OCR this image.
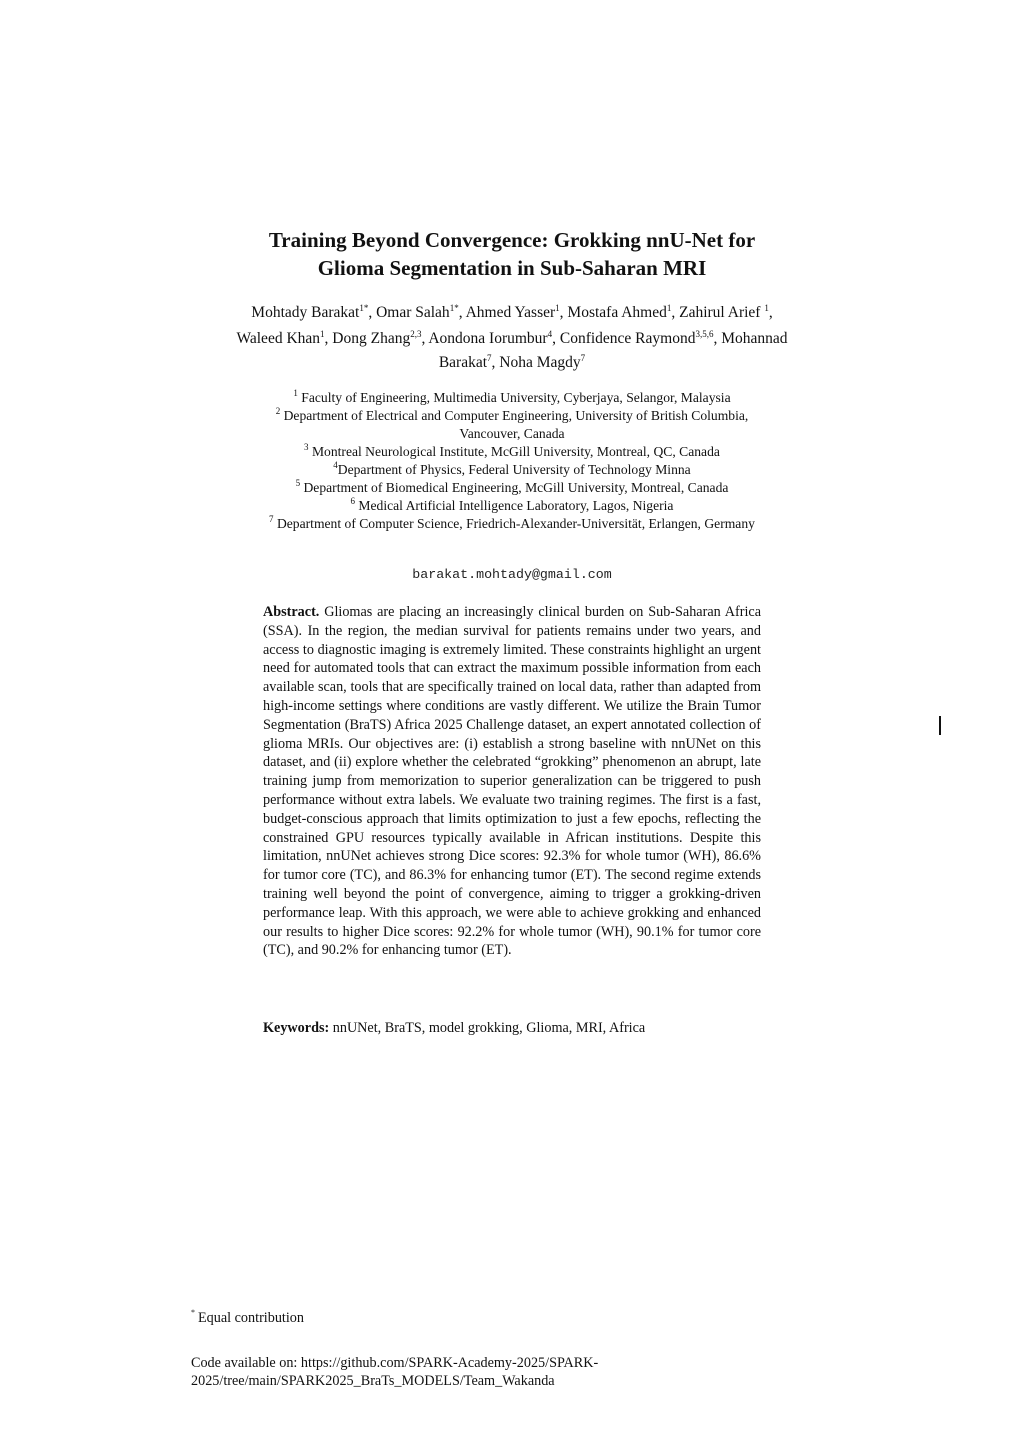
Training Beyond Convergence: Grokking nnU-Net for
Glioma Segmentation in Sub-Saharan MRI
Mohtady Barakat$^{1*}$, Omar Salah$^{1*}$, Ahmed Yasser$^1$, Mostafa Ahmed$^1$, Zahirul Arief $^1$,
Waleed Khan$^1$, Dong Zhang$^{2,3}$, Aondona Iorumbur$^4$, Confidence Raymond$^{3,5,6}$, Mohannad
Barakat$^7$, Noha Magdy$^7$
$^1$ Faculty of Engineering, Multimedia University, Cyberjaya, Selangor, Malaysia
$^2$ Department of Electrical and Computer Engineering, University of British Columbia,
Vancouver, Canada
$^3$ Montreal Neurological Institute, McGill University, Montreal, QC, Canada
$^4$Department of Physics, Federal University of Technology Minna
$^5$ Department of Biomedical Engineering, McGill University, Montreal, Canada
$^6$ Medical Artificial Intelligence Laboratory, Lagos, Nigeria
$^7$ Department of Computer Science, Friedrich-Alexander-Universität, Erlangen, Germany
barakat.mohtady@gmail.com
Abstract. Gliomas are placing an increasingly clinical burden on Sub-Saharan Africa (SSA). In the region, the median survival for patients remains under two years, and access to diagnostic imaging is extremely limited. These constraints highlight an urgent need for automated tools that can extract the maximum possible information from each available scan, tools that are specifically trained on local data, rather than adapted from high-income settings where conditions are vastly different. We utilize the Brain Tumor Segmentation (BraTS) Africa 2025 Challenge dataset, an expert annotated collection of glioma MRIs. Our objectives are: (i) establish a strong baseline with nnUNet on this dataset, and (ii) explore whether the celebrated “grokking” phenomenon an abrupt, late training jump from memorization to superior generalization can be triggered to push performance without extra labels. We evaluate two training regimes. The first is a fast, budget-conscious approach that limits optimization to just a few epochs, reflecting the constrained GPU resources typically available in African institutions. Despite this limitation, nnUNet achieves strong Dice scores: 92.3% for whole tumor (WH), 86.6% for tumor core (TC), and 86.3% for enhancing tumor (ET). The second regime extends training well beyond the point of convergence, aiming to trigger a grokking-driven performance leap. With this approach, we were able to achieve grokking and enhanced our results to higher Dice scores: 92.2% for whole tumor (WH), 90.1% for tumor core (TC), and 90.2% for enhancing tumor (ET).
Keywords: nnUNet, BraTS, model grokking, Glioma, MRI, Africa
* Equal contribution
Code available on: https://github.com/SPARK-Academy-2025/SPARK-
2025/tree/main/SPARK2025_BraTs_MODELS/Team_Wakanda
